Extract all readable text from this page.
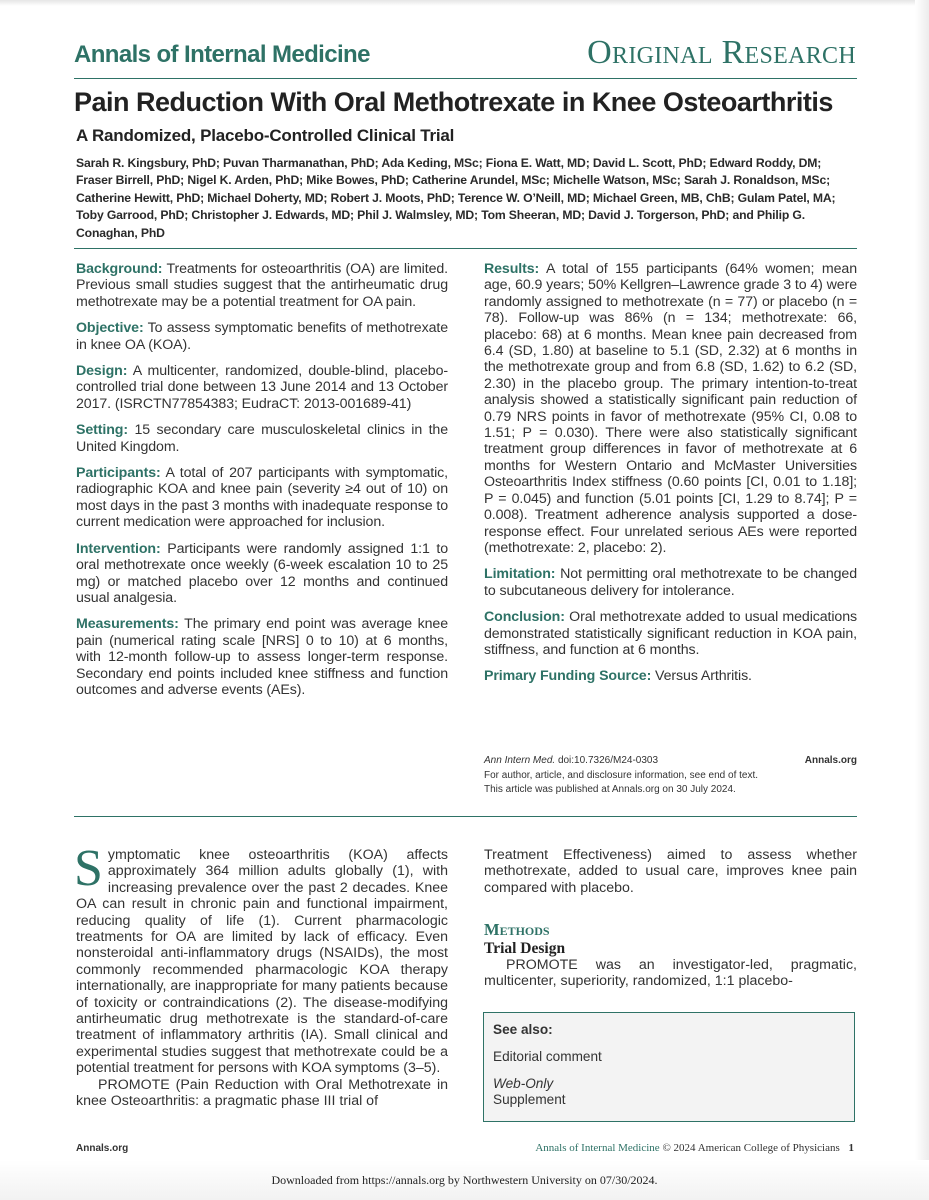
Annals of Internal Medicine	Original Research
Pain Reduction With Oral Methotrexate in Knee Osteoarthritis
A Randomized, Placebo-Controlled Clinical Trial
Sarah R. Kingsbury, PhD; Puvan Tharmanathan, PhD; Ada Keding, MSc; Fiona E. Watt, MD; David L. Scott, PhD; Edward Roddy, DM; Fraser Birrell, PhD; Nigel K. Arden, PhD; Mike Bowes, PhD; Catherine Arundel, MSc; Michelle Watson, MSc; Sarah J. Ronaldson, MSc; Catherine Hewitt, PhD; Michael Doherty, MD; Robert J. Moots, PhD; Terence W. O’Neill, MD; Michael Green, MB, ChB; Gulam Patel, MA; Toby Garrood, PhD; Christopher J. Edwards, MD; Phil J. Walmsley, MD; Tom Sheeran, MD; David J. Torgerson, PhD; and Philip G. Conaghan, PhD

Background: Treatments for osteoarthritis (OA) are limited. Previous small studies suggest that the antirheumatic drug methotrexate may be a potential treatment for OA pain.

Objective: To assess symptomatic benefits of methotrexate in knee OA (KOA).

Design: A multicenter, randomized, double-blind, placebo-controlled trial done between 13 June 2014 and 13 October 2017. (ISRCTN77854383; EudraCT: 2013-001689-41)

Setting: 15 secondary care musculoskeletal clinics in the United Kingdom.

Participants: A total of 207 participants with symptomatic, radiographic KOA and knee pain (severity ≥4 out of 10) on most days in the past 3 months with inadequate response to current medication were approached for inclusion.

Intervention: Participants were randomly assigned 1:1 to oral methotrexate once weekly (6-week escalation 10 to 25 mg) or matched placebo over 12 months and continued usual analgesia.

Measurements: The primary end point was average knee pain (numerical rating scale [NRS] 0 to 10) at 6 months, with 12-month follow-up to assess longer-term response. Secondary end points included knee stiffness and function outcomes and adverse events (AEs).

Results: A total of 155 participants (64% women; mean age, 60.9 years; 50% Kellgren–Lawrence grade 3 to 4) were randomly assigned to methotrexate (n = 77) or placebo (n = 78). Follow-up was 86% (n = 134; methotrexate: 66, placebo: 68) at 6 months. Mean knee pain decreased from 6.4 (SD, 1.80) at baseline to 5.1 (SD, 2.32) at 6 months in the methotrexate group and from 6.8 (SD, 1.62) to 6.2 (SD, 2.30) in the placebo group. The primary intention-to-treat analysis showed a statistically significant pain reduction of 0.79 NRS points in favor of methotrexate (95% CI, 0.08 to 1.51; P = 0.030). There were also statistically significant treatment group differences in favor of methotrexate at 6 months for Western Ontario and McMaster Universities Osteoarthritis Index stiffness (0.60 points [CI, 0.01 to 1.18]; P = 0.045) and function (5.01 points [CI, 1.29 to 8.74]; P = 0.008). Treatment adherence analysis supported a dose-response effect. Four unrelated serious AEs were reported (methotrexate: 2, placebo: 2).

Limitation: Not permitting oral methotrexate to be changed to subcutaneous delivery for intolerance.

Conclusion: Oral methotrexate added to usual medications demonstrated statistically significant reduction in KOA pain, stiffness, and function at 6 months.

Primary Funding Source: Versus Arthritis.

Ann Intern Med. doi:10.7326/M24-0303	Annals.org
For author, article, and disclosure information, see end of text.
This article was published at Annals.org on 30 July 2024.

S ymptomatic knee osteoarthritis (KOA) affects approximately 364 million adults globally (1), with increasing prevalence over the past 2 decades. Knee OA can result in chronic pain and functional impairment, reducing quality of life (1). Current pharmacologic treatments for OA are limited by lack of efficacy. Even nonsteroidal anti-inflammatory drugs (NSAIDs), the most commonly recommended pharmacologic KOA therapy internationally, are inappropriate for many patients because of toxicity or contraindications (2). The disease-modifying antirheumatic drug methotrexate is the standard-of-care treatment of inflammatory arthritis (IA). Small clinical and experimental studies suggest that methotrexate could be a potential treatment for persons with KOA symptoms (3–5).

PROMOTE (Pain Reduction with Oral Methotrexate in knee Osteoarthritis: a pragmatic phase III trial of

Treatment Effectiveness) aimed to assess whether methotrexate, added to usual care, improves knee pain compared with placebo.

Methods

Trial Design

PROMOTE was an investigator-led, pragmatic, multicenter, superiority, randomized, 1:1 placebo-

See also:
Editorial comment
Web-Only
Supplement
Annals.org	Annals of Internal Medicine © 2024 American College of Physicians 1
Downloaded from https://annals.org by Northwestern University on 07/30/2024.
